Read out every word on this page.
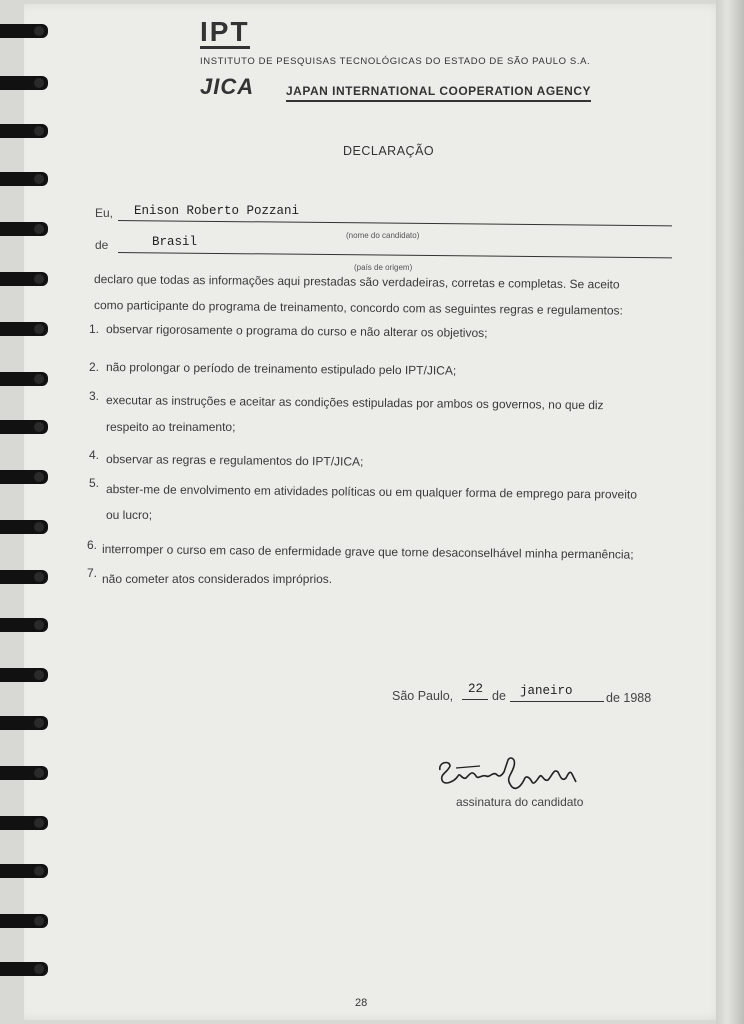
IPT
INSTITUTO DE PESQUISAS TECNOLÓGICAS DO ESTADO DE SÃO PAULO S.A.
JICA	JAPAN INTERNATIONAL COOPERATION AGENCY
DECLARAÇÃO
Eu, Enison Roberto Pozzani
(nome do candidato)
de	Brasil
(país de origem)
declaro que todas as informações aqui prestadas são verdadeiras, corretas e completas. Se aceito
como participante do programa de treinamento, concordo com as seguintes regras e regulamentos:
1. observar rigorosamente o programa do curso e não alterar os objetivos;
2. não prolongar o período de treinamento estipulado pelo IPT/JICA;
3. executar as instruções e aceitar as condições estipuladas por ambos os governos, no que diz
respeito ao treinamento;
4. observar as regras e regulamentos do IPT/JICA;
5. abster-me de envolvimento em atividades políticas ou em qualquer forma de emprego para proveito
ou lucro;
6. interromper o curso em caso de enfermidade grave que torne desaconselhável minha permanência;
7. não cometer atos considerados impróprios.
São Paulo, 22 de janeiro	de 1988
assinatura do candidato
28
